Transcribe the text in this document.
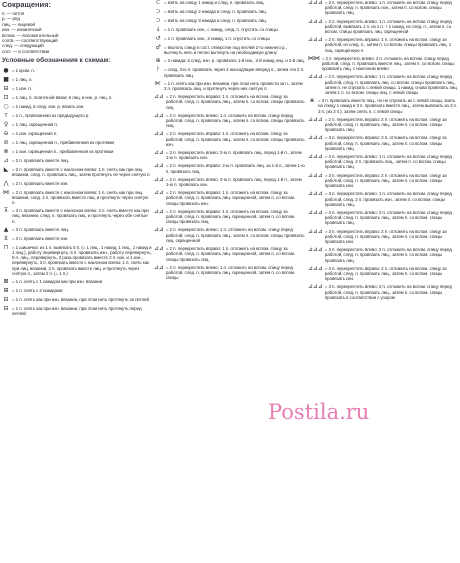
Сокращения:
п. — петля
р. — ряд
лиц. — лицевой
изн. — изнаночный
вспом. — вспомогательный
соотв. — соответствующий
след. — следующий
сост. — в соответствии
Условные обозначения к схемам:
● = 1 кром. п.
■ = 1 лиц. п.
⊟ = 1 изн. п.
⊡ = 1 лиц. п. платочной вязки: в лиц. и изн. р. лиц. п.
○ = 1 накид, в след. изн. р. вязать изн.
ᴛ = 1 п., провязанная из предыдущего р.
♀ = 1 лиц. скрещенная п.
⊖ = 1 изн. скрещенная п.
⊘ = 1 лиц. скрещенная п., прибавленная из протяжки
⊗ = 1 изн. скрещенная п., прибавленная из протяжки
⊿ = 2 п. провязать вместе лиц.
◣ = 2 п. провязать вместе с наклоном влево: 1 п. снять как при лиц. вязании, след. п. провязать лиц., затем протянуть ее через снятую п.
⋀ = 2 п. провязать вместе изн.
⋈ = 2 п. провязать вместе с наклоном влево: 1 п. снять как при лиц. вязании, след. 2 п. провязать вместе лиц. и протянуть через снятую п.
⊼ = 3 п. провязать вместе с наклоном влево: 2 п. снять вместе как при лиц. вязании, след. п. провязать лиц. и протянуть через обе снятые п.
▲ = 3 п. провязать вместе лиц.
⊻ = 3 п. провязать вместе изн.
⊓ = 1 шишечка: из 1 п. вывязать 5 п. (= 1 лиц., 1 накид, 1 лиц., 1 накид и 1 лиц.), работу перевернуть, 5 п. провязать изн., работу перевернуть, 5 п. лиц., перевернуть, 2 раза провязать вместе 2 п. изн. и 1 изн., перевернуть, 3 п. провязать вместе с наклоном влево: 1 п. снять как при лиц. вязании, 2 п. провязать вместе лиц. и протянуть через снятую п., затем 2 п. (= 1 п.)
⊠ = 1 п. снять с 1 накидом как при изн. вязании
⊞ = 1 п. снять с 2 накидами
⊟ = 1 п. снять как при изн. вязании, при этом нить протянуть за петлей
⊟ = 1 п. снять как при изн. вязании, при этом нить протянуть перед петлей
⊂ = взять на спицу 1 накид и след. п. провязать лиц.
⊃ = взять на спицу 2 накида и след. п. провязать лиц.
⊃ = взять на спицу 3 накида и след. п. провязать лиц.
↓ = 1 п. провязать изн., с накид, след. п. спустить со спицы
↺ = 1 п. провязать изн., 2 накид, 1 п. спустить со спицы
♂ = вколоть спицу в сост. отверстие под петлей 2-го нижнего р., вытянуть нить и петлю вытянуть на необходимую длину
⊕ = 2 накида: в след. изн. р. провязать 1-й изн., 2-й накид лиц. и 2-й лиц.
ᚹ = след. 3-ю п. провязать через 2 нисходящие вперед п., затем эти 2 п. провязать лиц.
⋉ = 1 п. снять как при изн. вязании, при этом нить провести за п., затем 2 п. провязать лиц. и протянуть через них снятую п.
⊿⊿ = 2 п. перекрестить вправо: 1 п. отложить на вспом. спицу за работой, след. п. провязать лиц., затем п. со вспом. спицы провязать лиц.
⊿⊿ = 2 п. перекрестить влево: 1 п. отложить на вспом. спицу перед работой, след. п. провязать лиц., затем п. со вспом. спицы провязать лиц.
⊿⊿ = 2 п. перекрестить вправо: 1 п. отложить на вспом. спицу за работой, след. п. провязать лиц., затем п. со вспом. спицы провязать изн.
⊿⊿ = 2 п. перекрестить влево: 2-ю п. провязать лиц. перед 1-й п., затем 1-ю п. провязать изн.
⊿⊿ = 2 п. перекрестить вправо: 2-ю п. провязать лиц. за 1-й п., затем 1-ю п. провязать лиц.
⊿⊿ = 2 п. перекрестить влево: 2-ю п. провязать лиц. перед 1-й п., затем 1-ю п. провязать изн.
⊿⊿ = 2 п. перекрестить вправо: 1 п. отложить на вспом. спицу за работой, след. п. провязать лиц. скрещенной, затем п. со вспом. спицы провязать изн.
⊿⊿ = 2 п. перекрестить вправо: 1 п. отложить на вспом. спицу за работой, след. п. провязать лиц. скрещенной, затем п. со вспом. спицы провязать лиц.
⊿⊿ = 2 п. перекрестить влево: 1 п. отложить на вспом. спицу перед работой, след. п. провязать лиц., затем п. со вспом. спицы провязать лиц. скрещенной
⊿⊿ = 2 п. перекрестить вправо: 1 п. отложить на вспом. спицу за работой, след. п. провязать лиц. скрещенной, затем п. со вспом. спицы провязать лиц.
⊿⊿ = 2 п. перекрестить влево: 1 п. отложить на вспом. спицу перед работой, след. п. провязать лиц. скрещенной, затем п. со вспом. спицы
⊿⊿⊿ = 2 п. перекрестить влево: 1 п. отложить на вспом. спицу перед работой, след. п. провязать изн., затем п. со вспом. спицы провязать лиц.
⊿⊿⊿ = 2 п. перекрестить влево: 1 п. отложить на вспом. спицу перед работой, вывязать 1 п. из 1 п. + 1 накид, из след. п., затем п. со вспом. спицы провязать лиц. скрещенной
⊿⊿⊿ = 2 п. перекрестить вправо: 1 п. отложить на вспом. спицу за работой, из след. п., затем п. со вспом. спицы провязать лиц. 1 лиц. скрещенную п.
⋈⋈ = 2 п. перекрестить влево: 2 п. отложить на вспом. спицу перед работой, след. п. провязать вместе лиц., затем п. со вспом. спицы провязать лиц. с наклоном влево
⊿⊿⊿ = 2 п. перекрестить влево: 1 п. отложить на вспом. спицу перед работой, след. п. провязать лиц. со вспом. спицы провязать лиц., затем п. не спускать с левой спицы, 1 накид, снова провязать лиц. затем 1 п. со вспом. спицы лиц. с левой спицы
⋇ = 3 п. провязать вместе лиц., но не спускать их с левой спицы, взять на спицу 1 накид и 3 п. провязать вместе лиц., затем вывязать из 3 п. 3 п. (из 3 п.), затем снять п. с левой спицы
⊿⊿⊿ = 2 п. перекрестить вправо: 2 п. отложить на вспом. спицу за работой, след. п. провязать лиц., затем п. со вспом. спицы провязать лиц.
⊿⊿⊿ = 3 п. перекрестить вправо: 2 п. отложить на вспом. спицу за работой, след. п. провязать лиц., затем п. со вспом. спицы провязать лиц.
⊿⊿⊿ = 3 п. перекрестить влево: 1 п. отложить на вспом. спицу перед работой, след. 2 п. провязать лиц., затем п. со вспом. спицы провязать лиц.
⊿⊿⊿ = 3 п. перекрестить вправо: 2 п. отложить на вспом. спицу за работой, след. п. провязать лиц., затем п. со вспом. спицы провязать изн.
⊿⊿⊿ = 3 п. перекрестить влево: 1 п. отложить на вспом. спицу перед работой, след. 2 п. провязать изн., затем п. со вспом. спицы провязать лиц.
⊿⊿⊿ = 3 п. перекрестить влево: 2 п. отложить на вспом. спицу перед работой, след. п. провязать лиц., затем п. со вспом. спицы провязать лиц.
⊿⊿⊿ = 3 п. перекрестить вправо: 2 п. отложить на вспом. спицу за работой, след. п. провязать лиц., затем п. со вспом. спицы провязать изн.
⊿⊿⊿ = 3 п. перекрестить влево: 2 п. отложить на вспом. спицу перед работой, след. п. провязать лиц., затем п. со вспом. спицы провязать лиц.
⊿⊿⊿ = 3 п. перекрестить вправо: 2 п. отложить на вспом. спицу за работой, след. п. провязать лиц., затем п. со вспом. спицы провязать изн.
⊿⊿⊿ = 3 п. перекрестить влево: 2 п. отложить на вспом. спицу перед работой, след. п. провязать лиц., затем п. со вспом. спицы провязать в соответствии с узором
Postila.ru
